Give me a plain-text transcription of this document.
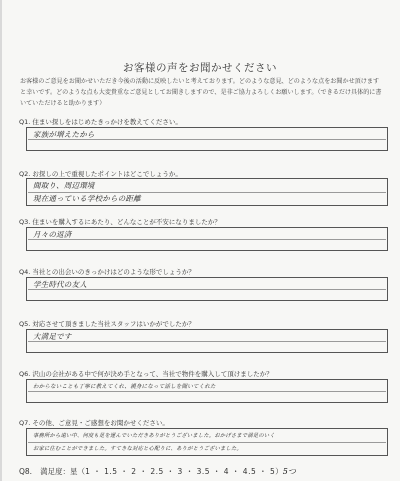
お客様の声をお聞かせください
お客様のご意見をお聞かせいただき今後の活動に反映したいと考えております。どのような意見、どのような点をお聞かせ頂けますと幸いです。どのような点も大変貴重なご意見としてお聞きしますので、是非ご協力よろしくお願いします。（できるだけ具体的に書いていただけると助かります）
Q1. 住まい探しをはじめたきっかけを教えてください。
家族が増えたから
Q2. お探しの上で重視したポイントはどこでしょうか。
間取り、周辺環境
現在通っている学校からの距離
Q3. 住まいを購入するにあたり、どんなことが不安になりましたか？
月々の返済
Q4. 当社との出会いのきっかけはどのような形でしょうか？
学生時代の友人
Q5. 対応させて頂きました当社スタッフはいかがでしたか？
大満足です
Q6. 沢山の会社がある中で何が決め手となって、当社で物件を購入して頂けましたか？
わからないことも丁寧に教えてくれ、親身になって話しを聞いてくれた
Q7. その他、ご意見・ご感想をお聞かせください。
事務所から遠い中、何度も足を運んでいただきありがとうございました。おかげさまで満足のいく
お家に住むことができました。すてきな対応と心配りに、ありがとうございました。
Q8. 満足度：星（1 ・ 1.5 ・ 2 ・ 2.5 ・ 3 ・ 3.5 ・ 4 ・ 4.5 ・ 5）5つ
